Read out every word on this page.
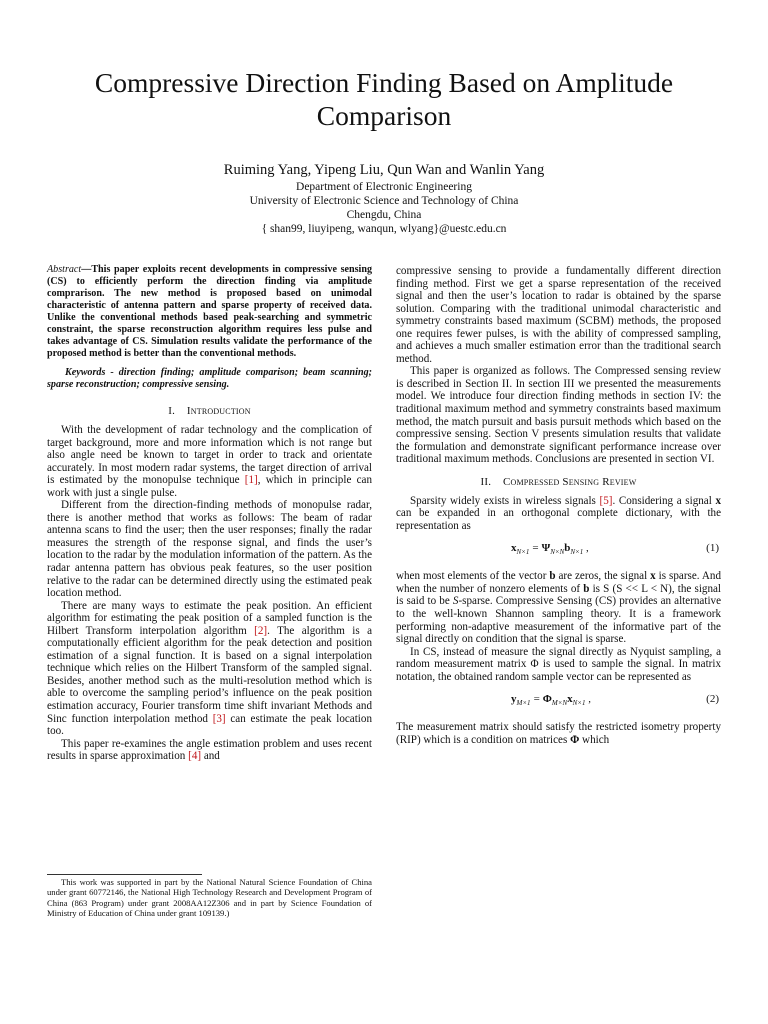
Compressive Direction Finding Based on Amplitude Comparison
Ruiming Yang, Yipeng Liu, Qun Wan and Wanlin Yang
Department of Electronic Engineering
University of Electronic Science and Technology of China
Chengdu, China
{ shan99, liuyipeng, wanqun, wlyang}@uestc.edu.cn

Abstract—This paper exploits recent developments in compressive sensing (CS) to efficiently perform the direction finding via amplitude comprarison. The new method is proposed based on unimodal characteristic of antenna pattern and sparse property of received data. Unlike the conventional methods based peak-searching and symmetric constraint, the sparse reconstruction algorithm requires less pulse and takes advantage of CS. Simulation results validate the performance of the proposed method is better than the conventional methods.

Keywords - direction finding; amplitude comparison; beam scanning; sparse reconstruction; compressive sensing.

I. Introduction

With the development of radar technology and the complication of target background, more and more information which is not range but also angle need be known to target in order to track and orientate accurately. In most modern radar systems, the target direction of arrival is estimated by the monopulse technique [1], which in principle can work with just a single pulse.

Different from the direction-finding methods of monopulse radar, there is another method that works as follows: The beam of radar antenna scans to find the user; then the user responses; finally the radar measures the strength of the response signal, and finds the user’s location to the radar by the modulation information of the pattern. As the radar antenna pattern has obvious peak features, so the user position relative to the radar can be determined directly using the estimated peak location method.

There are many ways to estimate the peak position. An efficient algorithm for estimating the peak position of a sampled function is the Hilbert Transform interpolation algorithm [2]. The algorithm is a computationally efficient algorithm for the peak detection and position estimation of a signal function. It is based on a signal interpolation technique which relies on the Hilbert Transform of the sampled signal. Besides, another method such as the multi-resolution method which is able to overcome the sampling period’s influence on the peak position estimation accuracy, Fourier transform time shift invariant Methods and Sinc function interpolation method [3] can estimate the peak location too.

This paper re-examines the angle estimation problem and uses recent results in sparse approximation [4] and

This work was supported in part by the National Natural Science Foundation of China under grant 60772146, the National High Technology Research and Development Program of China (863 Program) under grant 2008AA12Z306 and in part by Science Foundation of Ministry of Education of China under grant 109139.)

compressive sensing to provide a fundamentally different direction finding method. First we get a sparse representation of the received signal and then the user’s location to radar is obtained by the sparse solution. Comparing with the traditional unimodal characteristic and symmetry constraints based maximum (SCBM) methods, the proposed one requires fewer pulses, is with the ability of compressed sampling, and achieves a much smaller estimation error than the traditional search method.

This paper is organized as follows. The Compressed sensing review is described in Section II. In section III we presented the measurements model. We introduce four direction finding methods in section IV: the traditional maximum method and symmetry constraints based maximum method, the match pursuit and basis pursuit methods which based on the compressive sensing. Section V presents simulation results that validate the formulation and demonstrate significant performance increase over traditional maximum methods. Conclusions are presented in section VI.

II. Compressed Sensing Review

Sparsity widely exists in wireless signals [5]. Considering a signal x can be expanded in an orthogonal complete dictionary, with the representation as

$x_{N\times 1} = \Psi_{N\times N}b_{N\times 1}$ ,	(1)

when most elements of the vector b are zeros, the signal x is sparse. And when the number of nonzero elements of b is S (S << L < N), the signal is said to be S-sparse. Compressive Sensing (CS) provides an alternative to the well-known Shannon sampling theory. It is a framework performing non-adaptive measurement of the informative part of the signal directly on condition that the signal is sparse.

In CS, instead of measure the signal directly as Nyquist sampling, a random measurement matrix Φ is used to sample the signal. In matrix notation, the obtained random sample vector can be represented as

$y_{M\times 1} = \Phi_{M\times N}x_{N\times 1}$ ,	(2)

The measurement matrix should satisfy the restricted isometry property (RIP) which is a condition on matrices Φ which
